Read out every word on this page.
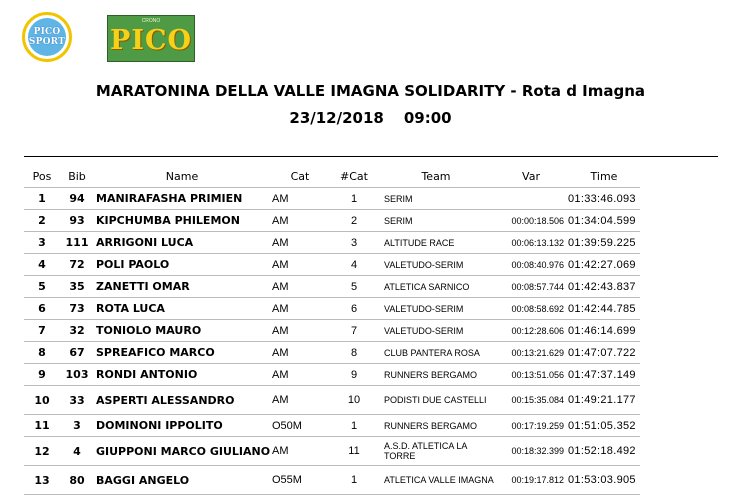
PICO
SPORT
CRONO
PICO
MARATONINA DELLA VALLE IMAGNA SOLIDARITY - Rota d Imagna
23/12/2018 09:00
Pos	Bib	Name	Cat	#Cat	Team	Var	Time
1	94	MANIRAFASHA PRIMIEN	AM	1	SERIM		01:33:46.093
2	93	KIPCHUMBA PHILEMON	AM	2	SERIM	00:00:18.506	01:34:04.599
3	111	ARRIGONI LUCA	AM	3	ALTITUDE RACE	00:06:13.132	01:39:59.225
4	72	POLI PAOLO	AM	4	VALETUDO-SERIM	00:08:40.976	01:42:27.069
5	35	ZANETTI OMAR	AM	5	ATLETICA SARNICO	00:08:57.744	01:42:43.837
6	73	ROTA LUCA	AM	6	VALETUDO-SERIM	00:08:58.692	01:42:44.785
7	32	TONIOLO MAURO	AM	7	VALETUDO-SERIM	00:12:28.606	01:46:14.699
8	67	SPREAFICO MARCO	AM	8	CLUB PANTERA ROSA	00:13:21.629	01:47:07.722
9	103	RONDI ANTONIO	AM	9	RUNNERS BERGAMO	00:13:51.056	01:47:37.149
10	33	ASPERTI ALESSANDRO	AM	10	PODISTI DUE CASTELLI	00:15:35.084	01:49:21.177
11	3	DOMINONI IPPOLITO	O50M	1	RUNNERS BERGAMO	00:17:19.259	01:51:05.352
12	4	GIUPPONI MARCO GIULIANO	AM	11	A.S.D. ATLETICA LA TORRE	00:18:32.399	01:52:18.492
13	80	BAGGI ANGELO	O55M	1	ATLETICA VALLE IMAGNA	00:19:17.812	01:53:03.905
